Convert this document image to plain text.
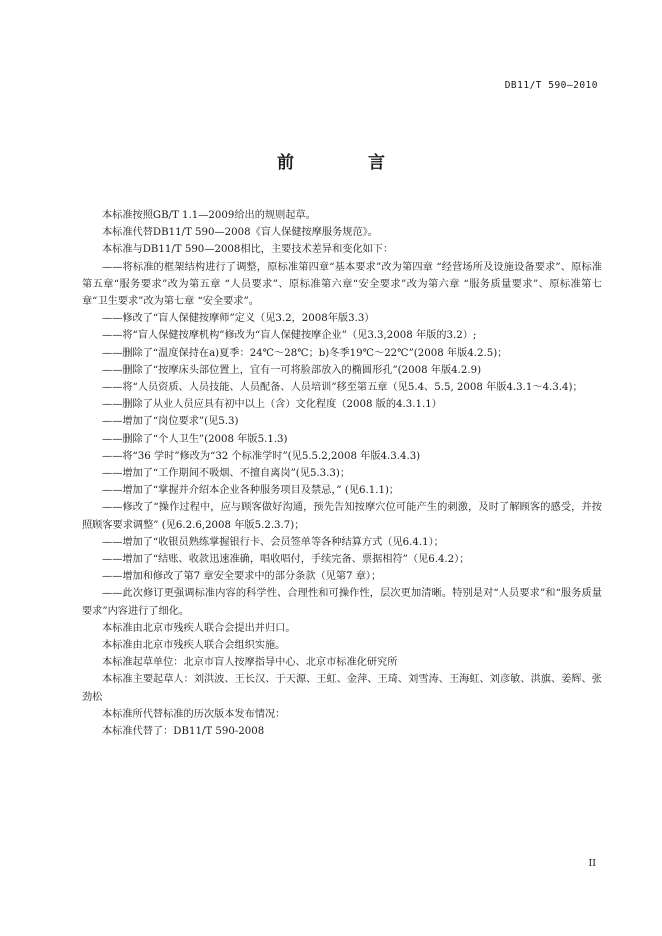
DB11/T 590—2010
前 言

本标准按照GB/T 1.1—2009给出的规则起草。

本标准代替DB11/T 590—2008《盲人保健按摩服务规范》。

本标准与DB11/T 590—2008相比，主要技术差异和变化如下：

——将标准的框架结构进行了调整，原标准第四章“基本要求”改为第四章 “经营场所及设施设备要求”、原标准第五章“服务要求”改为第五章 “人员要求”、原标准第六章“安全要求”改为第六章 “服务质量要求”、原标准第七章“卫生要求”改为第七章 “安全要求”。

——修改了“盲人保健按摩师”定义（见3.2，2008年版3.3）

——将“盲人保健按摩机构”修改为“盲人保健按摩企业”（见3.3,2008 年版的3.2）;

——删除了“温度保持在a)夏季：24℃～28℃；b)冬季19℃～22℃”(2008 年版4.2.5)；

——删除了“按摩床头部位置上，宜有一可将脸部放入的椭圆形孔”(2008 年版4.2.9)

——将“人员资质、人员技能、人员配备、人员培训”移至第五章（见5.4、5.5, 2008 年版4.3.1～4.3.4)；

——删除了从业人员应具有初中以上（含）文化程度（2008 版的4.3.1.1）

——增加了“岗位要求”(见5.3)

——删除了“个人卫生”(2008 年版5.1.3)

——将“36 学时”修改为“32 个标准学时”(见5.5.2,2008 年版4.3.4.3)

——增加了“工作期间不吸烟、不擅自离岗”(见5.3.3)；

——增加了“掌握并介绍本企业各种服务项目及禁忌，” (见6.1.1)；

——修改了“操作过程中，应与顾客做好沟通，预先告知按摩穴位可能产生的刺激，及时了解顾客的感受，并按照顾客要求调整” (见6.2.6,2008 年版5.2.3.7)；

——增加了“收银员熟练掌握银行卡、会员签单等各种结算方式（见6.4.1）；

——增加了“结账、收款迅速准确，唱收唱付，手续完备、票据相符”（见6.4.2）；

——增加和修改了第7 章安全要求中的部分条款（见第7 章）；

——此次修订更强调标准内容的科学性、合理性和可操作性，层次更加清晰。特别是对“人员要求”和“服务质量要求”内容进行了细化。

本标准由北京市残疾人联合会提出并归口。

本标准由北京市残疾人联合会组织实施。

本标准起草单位：北京市盲人按摩指导中心、北京市标准化研究所

本标准主要起草人：刘洪波、王长汉、于天源、王虹、金萍、王琦、刘雪涛、王海虹、刘彦敏、洪旗、姜辉、张劲松

本标准所代替标准的历次版本发布情况：

本标准代替了：DB11/T 590-2008

II
